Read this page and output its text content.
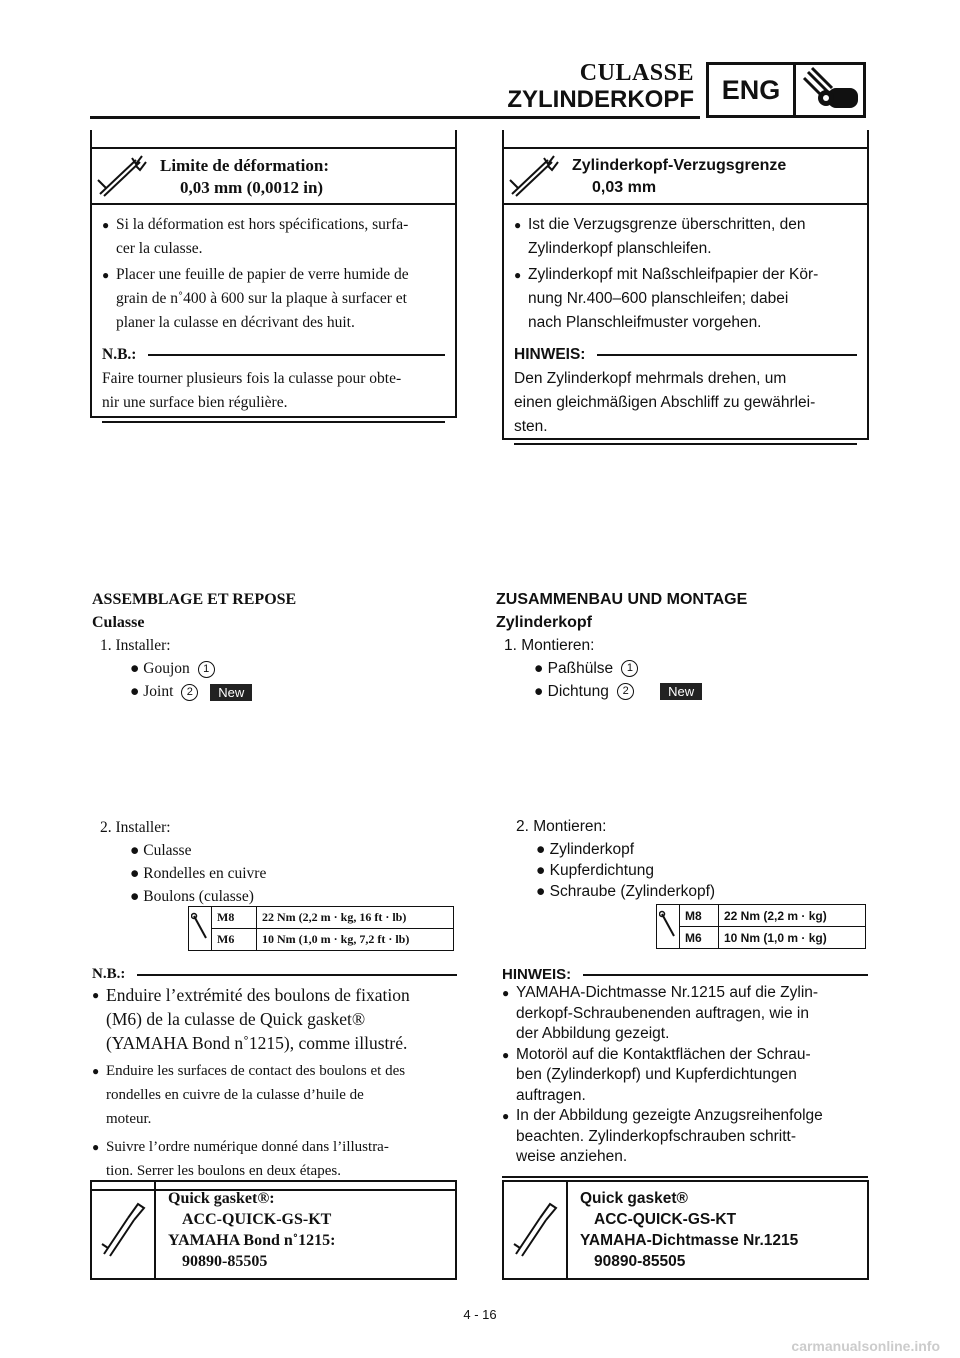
CULASSE
ZYLINDERKOPF	ENG
Limite de déformation:
0,03 mm (0,0012 in)
● Si la déformation est hors spécifications, surfa-
cer la culasse.
● Placer une feuille de papier de verre humide de
grain de n˚400 à 600 sur la plaque à surfacer et
planer la culasse en décrivant des huit.
N.B.:
Faire tourner plusieurs fois la culasse pour obte-
nir une surface bien régulière.
Zylinderkopf-Verzugsgrenze
0,03 mm
● Ist die Verzugsgrenze überschritten, den
Zylinderkopf planschleifen.
● Zylinderkopf mit Naßschleifpapier der Kör-
nung Nr.400–600 planschleifen; dabei
nach Planschleifmuster vorgehen.
HINWEIS:
Den Zylinderkopf mehrmals drehen, um
einen gleichmäßigen Abschliff zu gewährlei-
sten.
ASSEMBLAGE ET REPOSE
Culasse
1. Installer:
● Goujon 1
● Joint 2 New
2. Installer:
● Culasse
● Rondelles en cuivre
● Boulons (culasse)
	M8	22 Nm (2,2 m · kg, 16 ft · lb)
	M6	10 Nm (1,0 m · kg, 7,2 ft · lb)
N.B.:
● Enduire l’extrémité des boulons de fixation
(M6) de la culasse de Quick gasket®
(YAMAHA Bond n˚1215), comme illustré.
● Enduire les surfaces de contact des boulons et des
rondelles en cuivre de la culasse d’huile de
moteur.
● Suivre l’ordre numérique donné dans l’illustra-
tion. Serrer les boulons en deux étapes.
Quick gasket®:
ACC-QUICK-GS-KT
YAMAHA Bond n˚1215:
90890-85505
ZUSAMMENBAU UND MONTAGE
Zylinderkopf
1. Montieren:
● Paßhülse 1
● Dichtung 2	New
2. Montieren:
● Zylinderkopf
● Kupferdichtung
● Schraube (Zylinderkopf)
	M8	22 Nm (2,2 m · kg)
	M6	10 Nm (1,0 m · kg)
HINWEIS:
● YAMAHA-Dichtmasse Nr.1215 auf die Zylin-
derkopf-Schraubenenden auftragen, wie in
der Abbildung gezeigt.
● Motoröl auf die Kontaktflächen der Schrau-
ben (Zylinderkopf) und Kupferdichtungen
auftragen.
● In der Abbildung gezeigte Anzugsreihenfolge
beachten. Zylinderkopfschrauben schritt-
weise anziehen.
Quick gasket®
ACC-QUICK-GS-KT
YAMAHA-Dichtmasse Nr.1215
90890-85505
4 - 16
carmanualsonline.info
